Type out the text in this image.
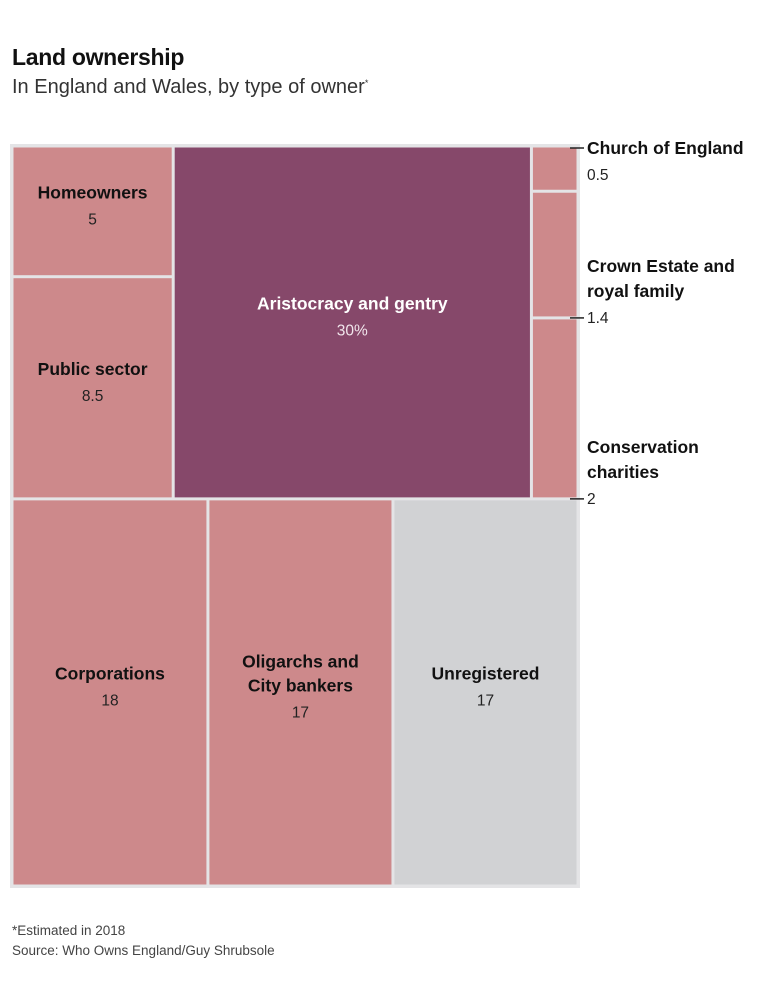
Land ownership

In England and Wales, by type of owner*

Aristocracy and gentry
30%
Corporations
18
Oligarchs and
City bankers
17
Unregistered
17
Public sector
8.5
Homeowners
5
Church of England
0.5
Crown Estate and
royal family
1.4
Conservation
charities
2

*Estimated in 2018

Source: Who Owns England/Guy Shrubsole
